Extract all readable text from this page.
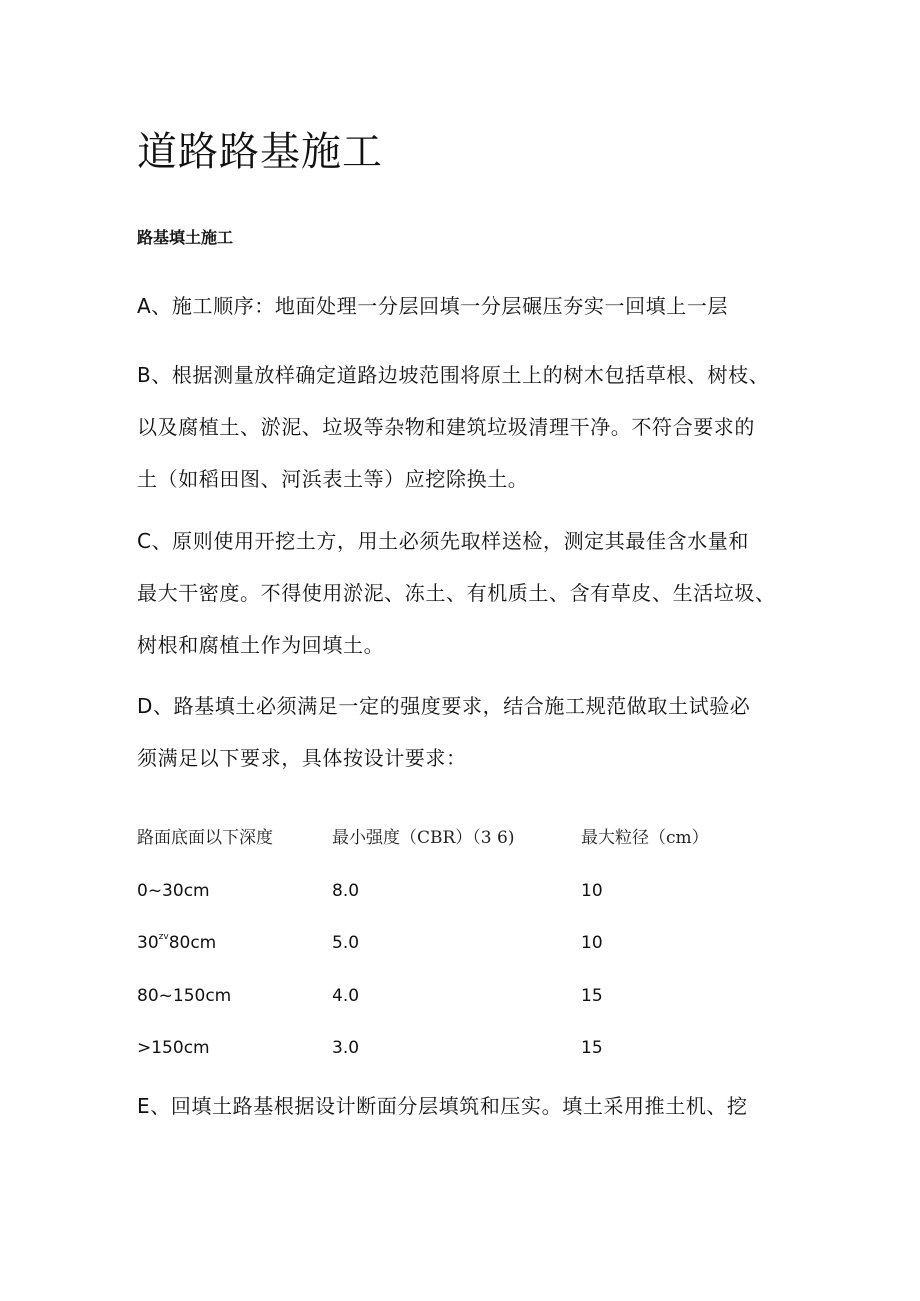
道路路基施工
路基填土施工

A、施工顺序：地面处理一分层回填一分层碾压夯实一回填上一层

B、根据测量放样确定道路边坡范围将原土上的树木包括草根、树枝、
以及腐植土、淤泥、垃圾等杂物和建筑垃圾清理干净。不符合要求的
土（如稻田图、河浜表土等）应挖除换土。

C、原则使用开挖土方，用土必须先取样送检，测定其最佳含水量和
最大干密度。不得使用淤泥、冻土、有机质土、含有草皮、生活垃圾、
树根和腐植土作为回填土。

D、路基填土必须满足一定的强度要求，结合施工规范做取土试验必
须满足以下要求，具体按设计要求：

路面底面以下深度	最小强度（CBR）（3 6)	最大粒径（cm）
0~30cm	8.0	10
$30^{zv}80cm$	5.0	10
80~150cm	4.0	15
>150cm	3.0	15

E、回填土路基根据设计断面分层填筑和压实。填土采用推土机、挖
